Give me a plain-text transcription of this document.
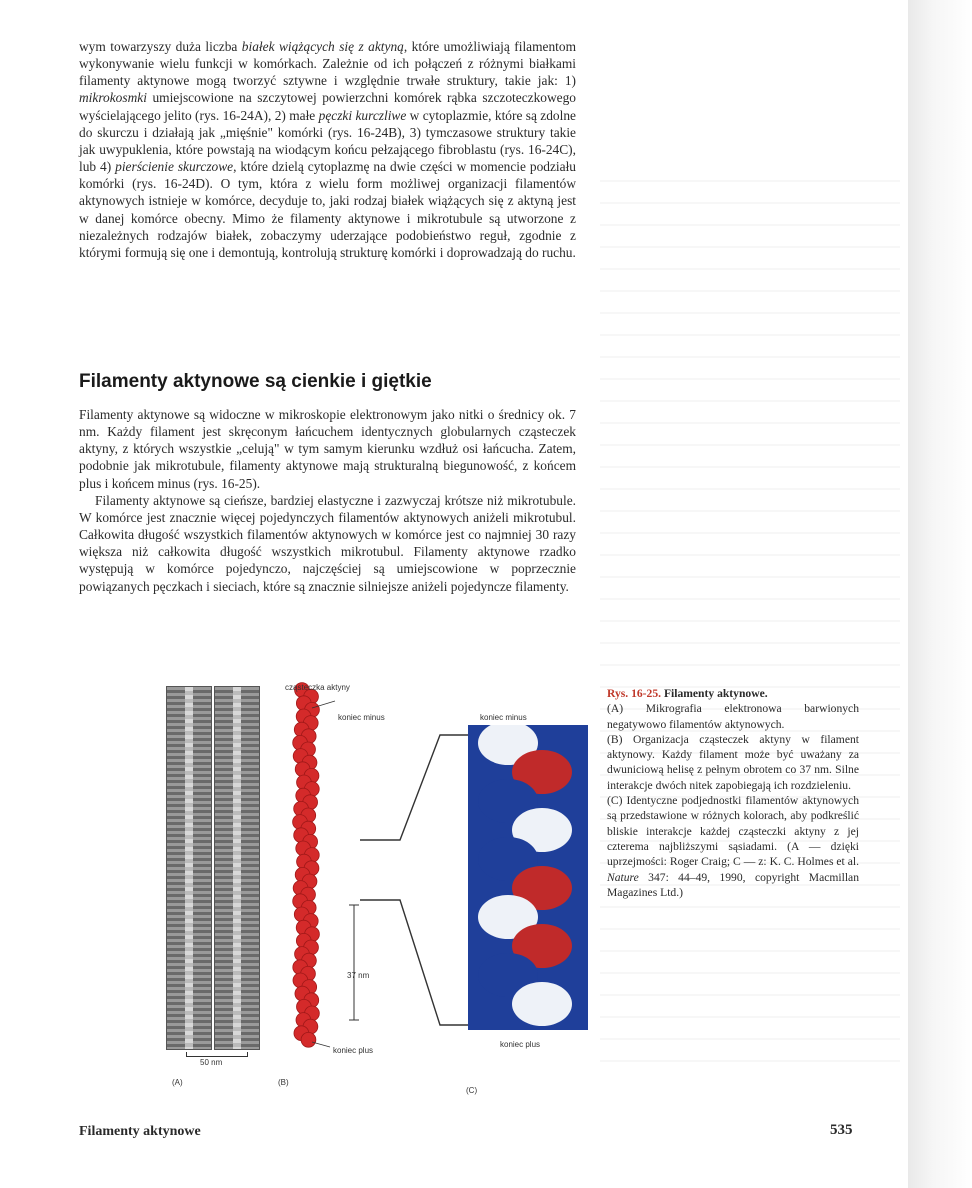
wym towarzyszy duża liczba białek wiążących się z aktyną, które umożliwiają filamentom wykonywanie wielu funkcji w komórkach. Zależnie od ich połączeń z różnymi białkami filamenty aktynowe mogą tworzyć sztywne i względnie trwałe struktury, takie jak: 1) mikrokosmki umiejscowione na szczytowej powierzchni komórek rąbka szczoteczkowego wyścielającego jelito (rys. 16-24A), 2) małe pęczki kurczliwe w cytoplazmie, które są zdolne do skurczu i działają jak „mięśnie" komórki (rys. 16-24B), 3) tymczasowe struktury takie jak uwypuklenia, które powstają na wiodącym końcu pełzającego fibroblastu (rys. 16-24C), lub 4) pierścienie skurczowe, które dzielą cytoplazmę na dwie części w momencie podziału komórki (rys. 16-24D). O tym, która z wielu form możliwej organizacji filamentów aktynowych istnieje w komórce, decyduje to, jaki rodzaj białek wiążących się z aktyną jest w danej komórce obecny. Mimo że filamenty aktynowe i mikrotubule są utworzone z niezależnych rodzajów białek, zobaczymy uderzające podobieństwo reguł, zgodnie z którymi formują się one i demontują, kontrolują strukturę komórki i doprowadzają do ruchu.

Filamenty aktynowe są cienkie i giętkie

Filamenty aktynowe są widoczne w mikroskopie elektronowym jako nitki o średnicy ok. 7 nm. Każdy filament jest skręconym łańcuchem identycznych globularnych cząsteczek aktyny, z których wszystkie „celują" w tym samym kierunku wzdłuż osi łańcucha. Zatem, podobnie jak mikrotubule, filamenty aktynowe mają strukturalną biegunowość, z końcem plus i końcem minus (rys. 16-25).

Filamenty aktynowe są cieńsze, bardziej elastyczne i zazwyczaj krótsze niż mikrotubule. W komórce jest znacznie więcej pojedynczych filamentów aktynowych aniżeli mikrotubul. Całkowita długość wszystkich filamentów aktynowych w komórce jest co najmniej 30 razy większa niż całkowita długość wszystkich mikrotubul. Filamenty aktynowe rzadko występują w komórce pojedynczo, najczęściej są umiejscowione w poprzecznie powiązanych pęczkach i sieciach, które są znacznie silniejsze aniżeli pojedyncze filamenty.

50 nm
(A)
cząsteczka aktyny
koniec minus
koniec plus
37 nm
(B)
koniec minus
koniec plus
(C)
Rys. 16-25. Filamenty aktynowe.
(A) Mikrografia elektronowa barwionych negatywowo filamentów aktynowych.
(B) Organizacja cząsteczek aktyny w filament aktynowy. Każdy filament może być uważany za dwuniciową helisę z pełnym obrotem co 37 nm. Silne interakcje dwóch nitek zapobiegają ich rozdzieleniu.
(C) Identyczne podjednostki filamentów aktynowych są przedstawione w różnych kolorach, aby podkreślić bliskie interakcje każdej cząsteczki aktyny z jej czterema najbliższymi sąsiadami. (A — dzięki uprzejmości: Roger Craig; C — z: K. C. Holmes et al. Nature 347: 44–49, 1990, copyright Macmillan Magazines Ltd.)
Filamenty aktynowe	535
